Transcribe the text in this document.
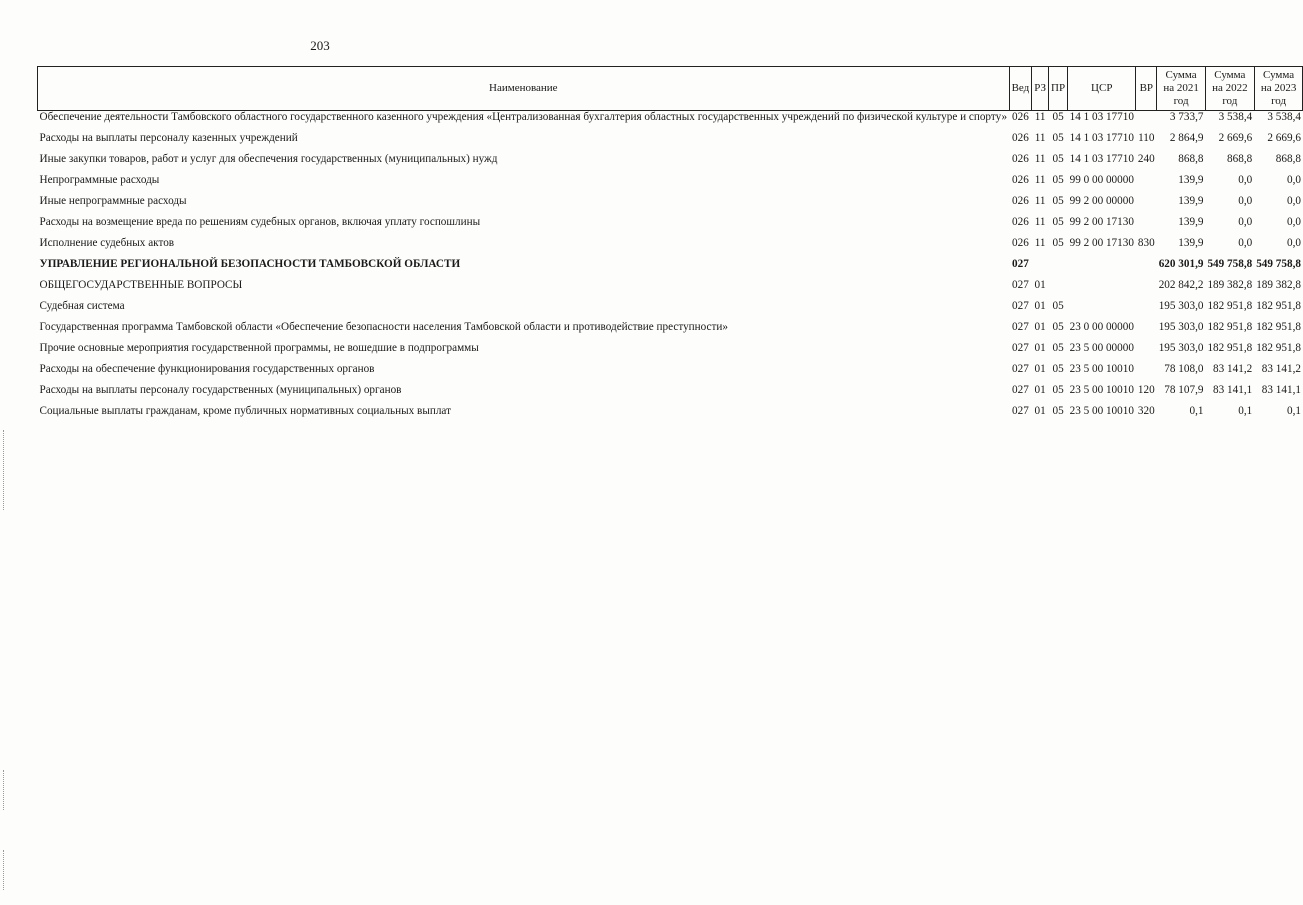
203
Наименование	Вед	РЗ	ПР	ЦСР	ВР	Сумма на 2021 год	Сумма на 2022 год	Сумма на 2023 год
Обеспечение деятельности Тамбовского областного государственного казенного учреждения «Централизованная бухгалтерия областных государственных учреждений по физической культуре и спорту»	026	11	05	14 1 03 17710		3 733,7	3 538,4	3 538,4
Расходы на выплаты персоналу казенных учреждений	026	11	05	14 1 03 17710	110	2 864,9	2 669,6	2 669,6
Иные закупки товаров, работ и услуг для обеспечения государственных (муниципальных) нужд	026	11	05	14 1 03 17710	240	868,8	868,8	868,8
Непрограммные расходы	026	11	05	99 0 00 00000		139,9	0,0	0,0
Иные непрограммные расходы	026	11	05	99 2 00 00000		139,9	0,0	0,0
Расходы на возмещение вреда по решениям судебных органов, включая уплату госпошлины	026	11	05	99 2 00 17130		139,9	0,0	0,0
Исполнение судебных актов	026	11	05	99 2 00 17130	830	139,9	0,0	0,0
УПРАВЛЕНИЕ РЕГИОНАЛЬНОЙ БЕЗОПАСНОСТИ ТАМБОВСКОЙ ОБЛАСТИ	027					620 301,9	549 758,8	549 758,8
ОБЩЕГОСУДАРСТВЕННЫЕ ВОПРОСЫ	027	01				202 842,2	189 382,8	189 382,8
Судебная система	027	01	05			195 303,0	182 951,8	182 951,8
Государственная программа Тамбовской области «Обеспечение безопасности населения Тамбовской области и противодействие преступности»	027	01	05	23 0 00 00000		195 303,0	182 951,8	182 951,8
Прочие основные мероприятия государственной программы, не вошедшие в подпрограммы	027	01	05	23 5 00 00000		195 303,0	182 951,8	182 951,8
Расходы на обеспечение функционирования государственных органов	027	01	05	23 5 00 10010		78 108,0	83 141,2	83 141,2
Расходы на выплаты персоналу государственных (муниципальных) органов	027	01	05	23 5 00 10010	120	78 107,9	83 141,1	83 141,1
Социальные выплаты гражданам, кроме публичных нормативных социальных выплат	027	01	05	23 5 00 10010	320	0,1	0,1	0,1
